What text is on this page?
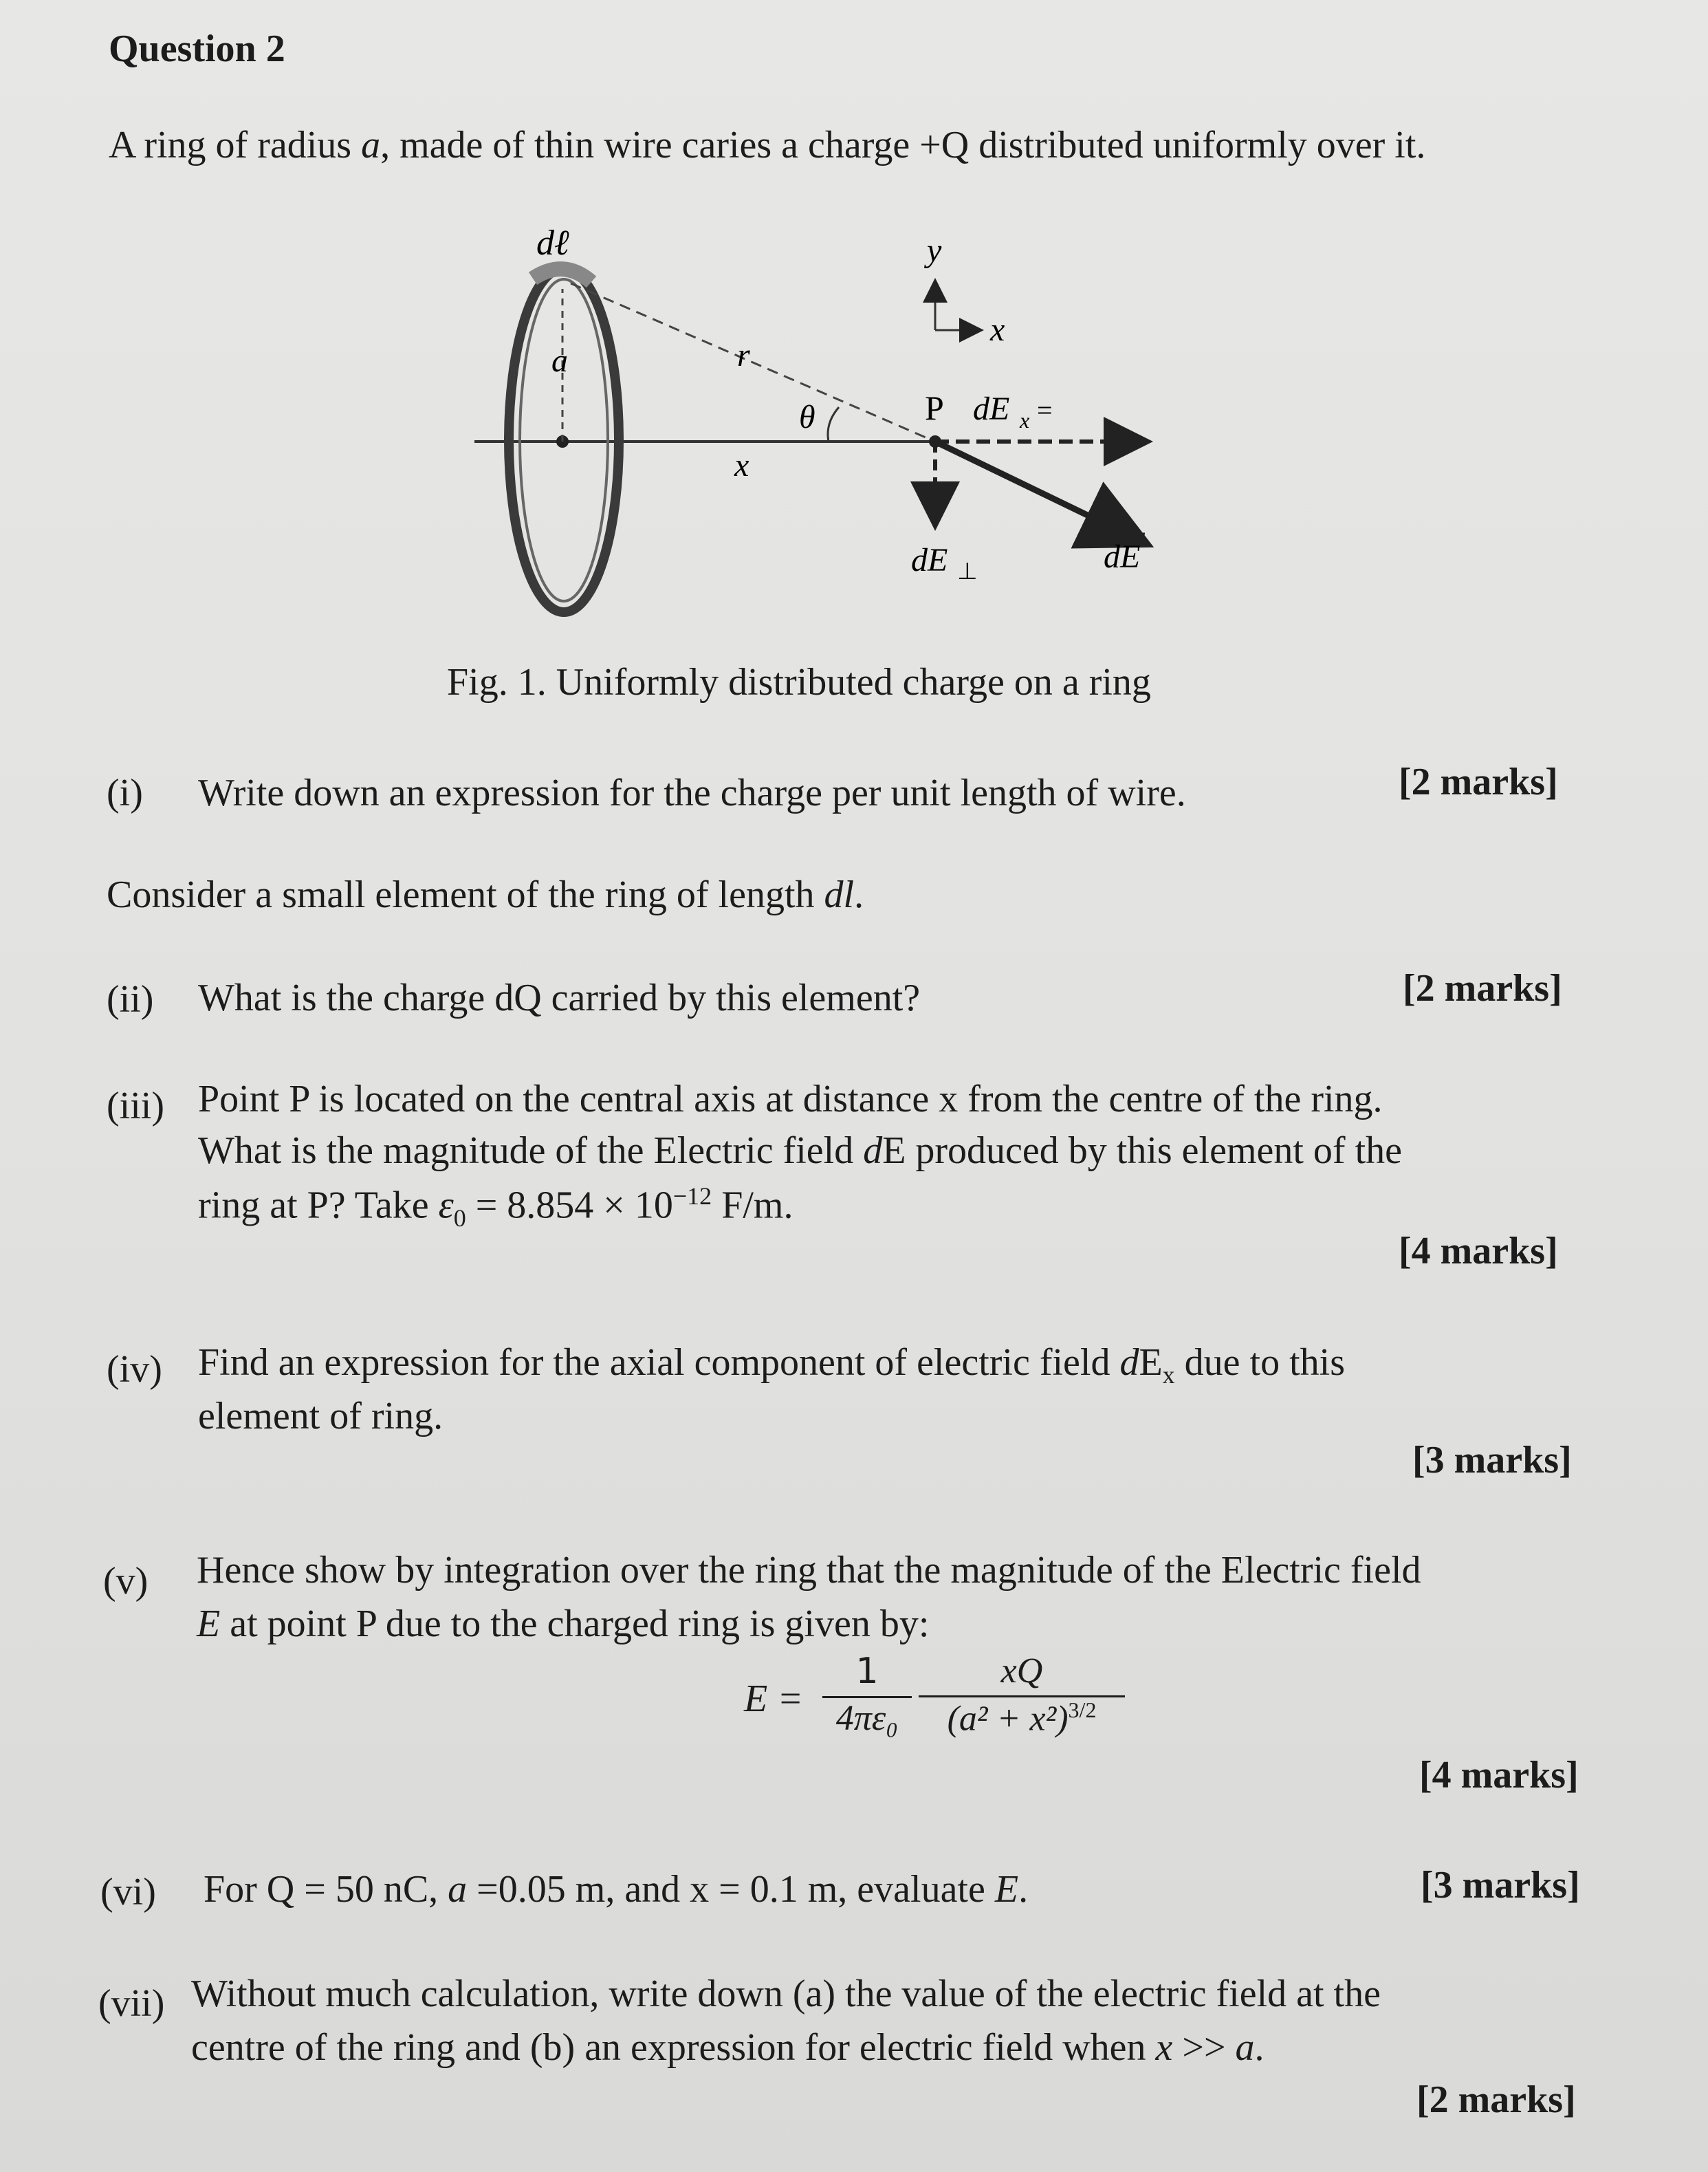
Question 2
A ring of radius a, made of thin wire caries a charge +Q distributed uniformly over it.
dℓ
a	r
θ
x
y
x
P dE x =
dE ⊥	dE
Fig. 1. Uniformly distributed charge on a ring
(i) Write down an expression for the charge per unit length of wire.	[2 marks]
Consider a small element of the ring of length dl.
(ii) What is the charge dQ carried by this element?	[2 marks]
(iii) Point P is located on the central axis at distance x from the centre of the ring.
What is the magnitude of the Electric field dE produced by this element of the
ring at P? Take $\varepsilon_0 = 8.854 \times 10^{-12}$ F/m.
[4 marks]
(iv) Find an expression for the axial component of electric field $dE_x$ due to this
element of ring.
[3 marks]
(v) Hence show by integration over the ring that the magnitude of the Electric field
E at point P due to the charged ring is given by:
E =
1
4πε₀
xQ
$(a^2 + x^2)^{3/2}$
[4 marks]
(vi) For Q = 50 nC, a =0.05 m, and x = 0.1 m, evaluate E.	[3 marks]
(vii) Without much calculation, write down (a) the value of the electric field at the
centre of the ring and (b) an expression for electric field when x >> a.
[2 marks]
